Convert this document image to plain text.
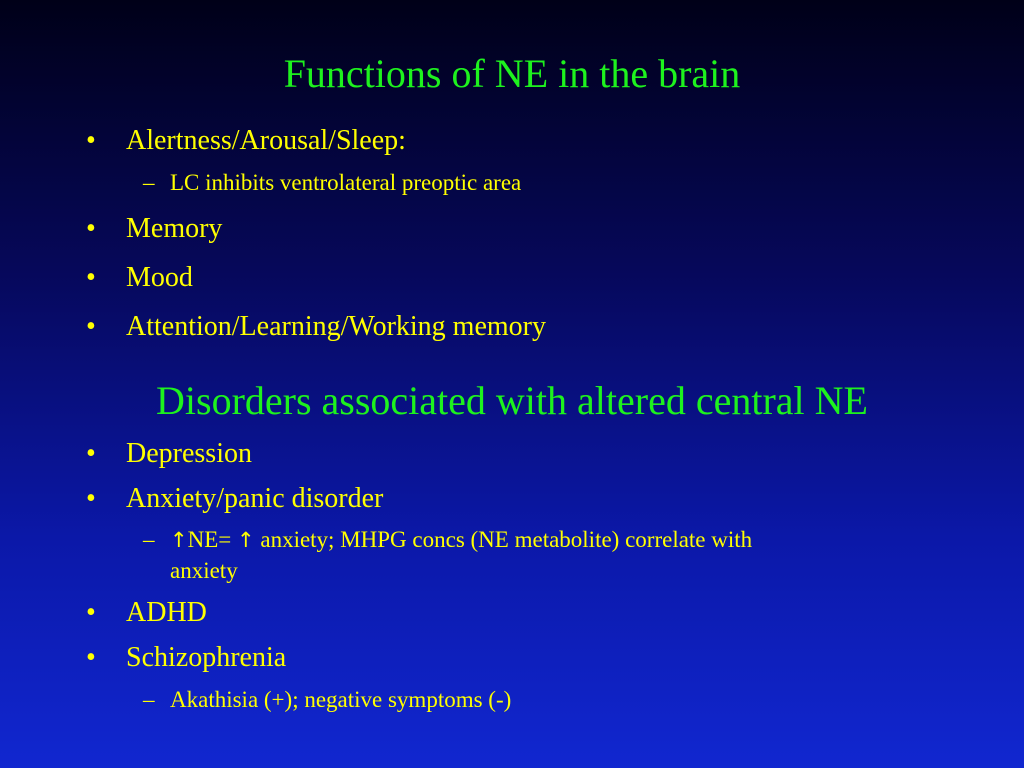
Functions of NE in the brain
• Alertness/Arousal/Sleep:
– LC inhibits ventrolateral preoptic area
• Memory
• Mood
• Attention/Learning/Working memory
Disorders associated with altered central NE
• Depression
• Anxiety/panic disorder
– ↑NE= ↑ anxiety; MHPG concs (NE metabolite) correlate with
anxiety
• ADHD
• Schizophrenia
– Akathisia (+); negative symptoms (-)
